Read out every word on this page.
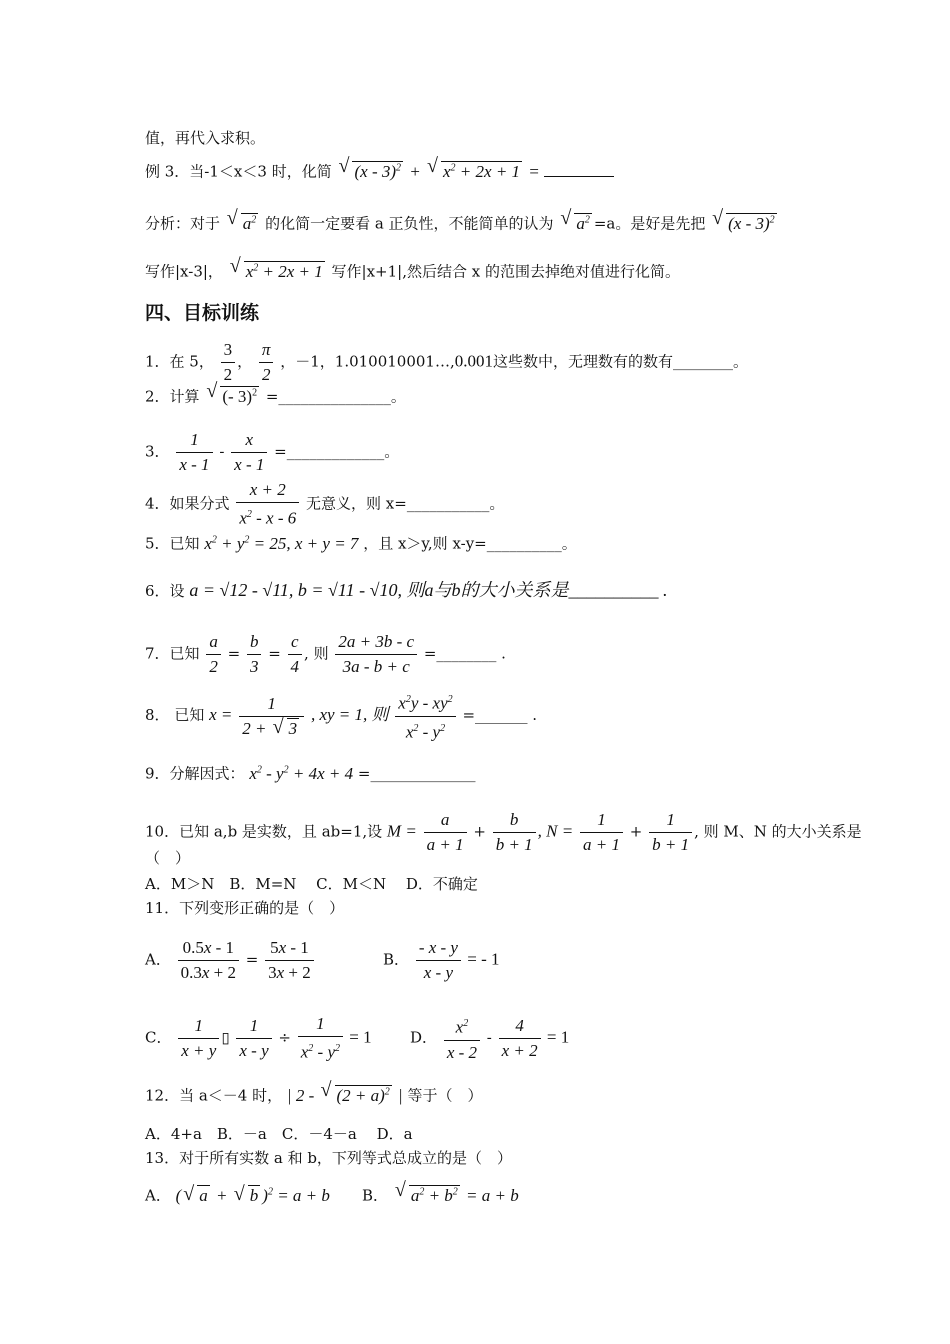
值，再代入求积。
例 3．当-1＜x＜3 时，化简 √ (x - 3)$^2$ + √ $x^2 + 2x + 1$ =
分析：对于 √ $a^2$ 的化简一定要看 a 正负性，不能简单的认为 √ $a^2 =a$。是好是先把 √ (x - 3)$^2$
写作|x-3|， √ $x^2 + 2x + 1$ 写作|x+1|,然后结合 x 的范围去掉绝对值进行化简。
四、目标训练
1．在 5， $\frac{3}{2}$ ， $\frac{\pi}{2}$ ，－1，1.010010001…,0.001这些数中，无理数有的数有________。
2．计算 √ (- 3)$^2$ =_______________。
3． $\frac{1}{x - 1} - \frac{x}{x - 1}$ =_____________。
4．如果分式 $\frac{x + 2}{x^2 - x - 6}$ 无意义，则 x=___________。
5．已知 $x^2 + y^2 = 25$, x + y = 7 ，且 x＞y,则 x-y=__________。
6．设 a = √12 - √11, b = √11 - √10, 则a与b的大小关系是__________ .
7．已知 $\frac{a}{2} = \frac{b}{3} = \frac{c}{4}$ , 则 $\frac{2a + 3b - c}{3a - b + c}$ =________ .
8． 已知 $x = \frac{1}{2 + √ 3}$ , xy = 1, 则 $\frac{x^2y - xy^2}{x^2 - y^2}$ =_______ .
9．分解因式： $x^2 - y^2 + 4x + 4$ =______________
10．已知 a,b 是实数，且 ab=1,设 $M = \frac{a}{a + 1} + \frac{b}{b + 1}$ , $N = \frac{1}{a + 1} + \frac{1}{b + 1}$ , 则 M、N 的大小关系是
（　）
A．M＞N　B．M=N　 C．M＜N　 D．不确定
11．下列变形正确的是（　）
A． $\frac{0.5x - 1}{0.3x + 2} = \frac{5x - 1}{3x + 2}$	B． $\frac{- x - y}{x - y}$ = - 1
C． $\frac{1}{x + y}$ ▯ $\frac{1}{x - y} \div \frac{1}{x^2 - y^2} = 1$	D． $\frac{x^2}{x - 2} - \frac{4}{x + 2} = 1$
12．当 a＜－4 时， | 2 - √ $(2 + a)^2$ | 等于（　）
A．4+a　B．－a　C．－4－a　 D．a
13．对于所有实数 a 和 b，下列等式总成立的是（　）
A． ( √ a + √ b )$^2$ = a + b B． √ $a^2 + b^2 = a + b$
